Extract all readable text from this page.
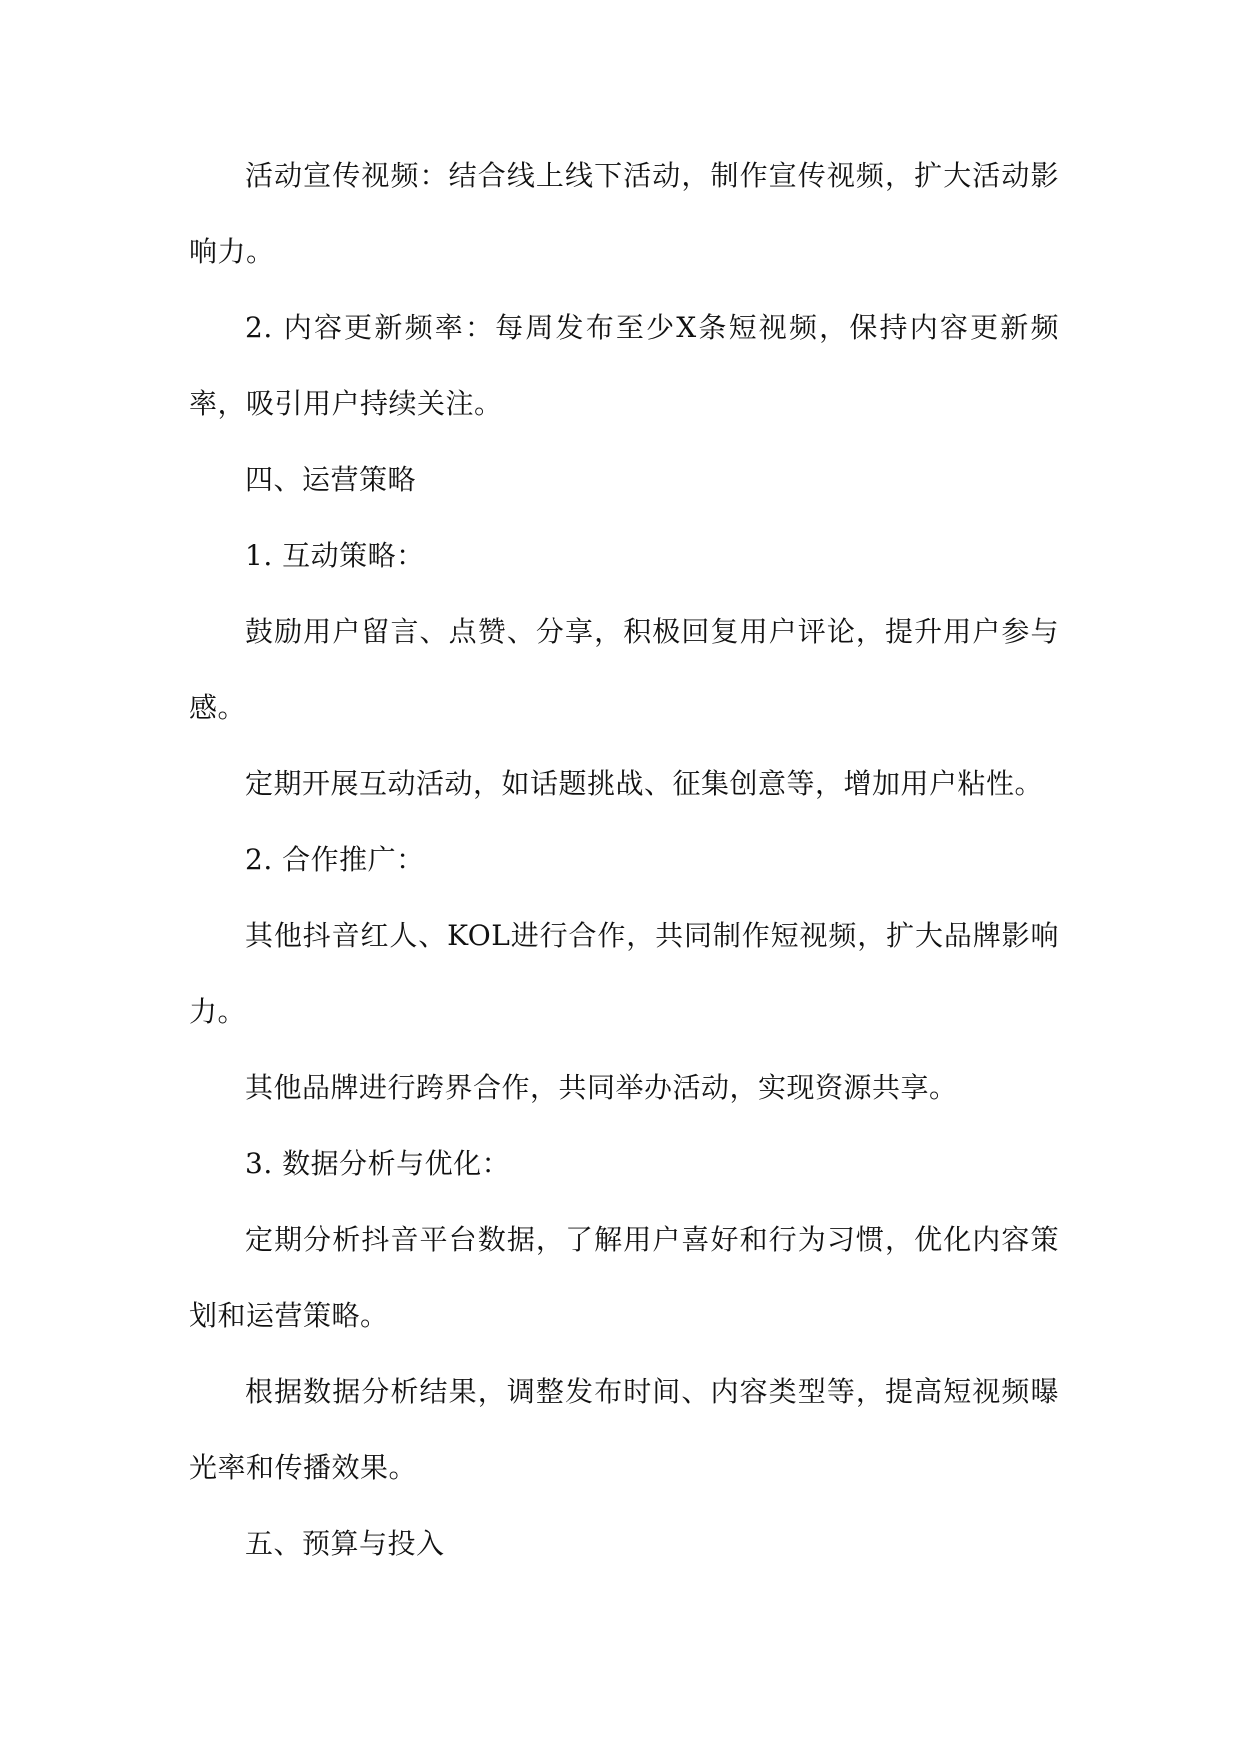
活动宣传视频：结合线上线下活动，制作宣传视频，扩大活动影响力。

2. 内容更新频率：每周发布至少X条短视频，保持内容更新频率，吸引用户持续关注。

四、运营策略

1. 互动策略：

鼓励用户留言、点赞、分享，积极回复用户评论，提升用户参与感。

定期开展互动活动，如话题挑战、征集创意等，增加用户粘性。

2. 合作推广：

其他抖音红人、KOL进行合作，共同制作短视频，扩大品牌影响力。

其他品牌进行跨界合作，共同举办活动，实现资源共享。

3. 数据分析与优化：

定期分析抖音平台数据，了解用户喜好和行为习惯，优化内容策划和运营策略。

根据数据分析结果，调整发布时间、内容类型等，提高短视频曝光率和传播效果。

五、预算与投入
